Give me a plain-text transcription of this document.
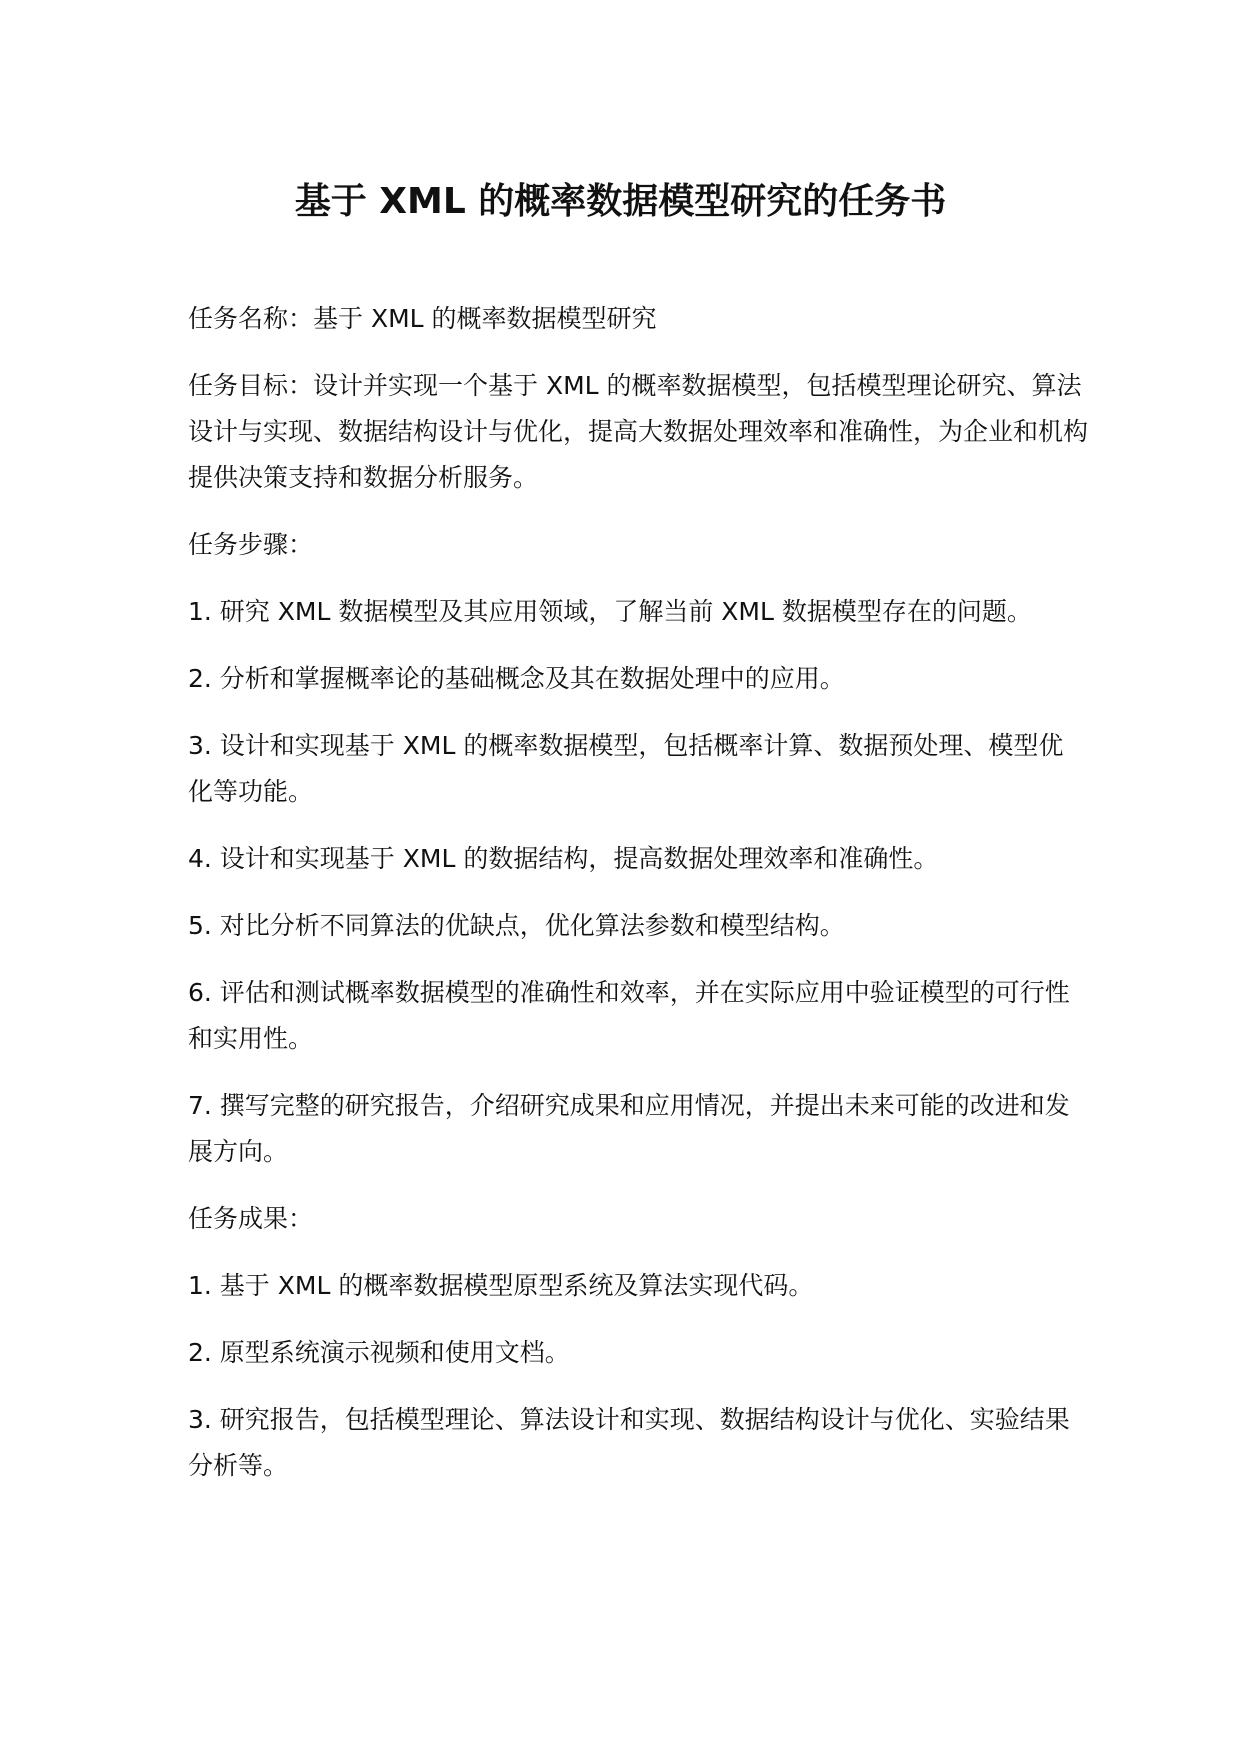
基于 XML 的概率数据模型研究的任务书

任务名称：基于 XML 的概率数据模型研究

任务目标：设计并实现一个基于 XML 的概率数据模型，包括模型理论研究、算法设计与实现、数据结构设计与优化，提高大数据处理效率和准确性，为企业和机构提供决策支持和数据分析服务。

任务步骤：

1. 研究 XML 数据模型及其应用领域，了解当前 XML 数据模型存在的问题。

2. 分析和掌握概率论的基础概念及其在数据处理中的应用。

3. 设计和实现基于 XML 的概率数据模型，包括概率计算、数据预处理、模型优化等功能。

4. 设计和实现基于 XML 的数据结构，提高数据处理效率和准确性。

5. 对比分析不同算法的优缺点，优化算法参数和模型结构。

6. 评估和测试概率数据模型的准确性和效率，并在实际应用中验证模型的可行性和实用性。

7. 撰写完整的研究报告，介绍研究成果和应用情况，并提出未来可能的改进和发展方向。

任务成果：

1. 基于 XML 的概率数据模型原型系统及算法实现代码。

2. 原型系统演示视频和使用文档。

3. 研究报告，包括模型理论、算法设计和实现、数据结构设计与优化、实验结果分析等。
